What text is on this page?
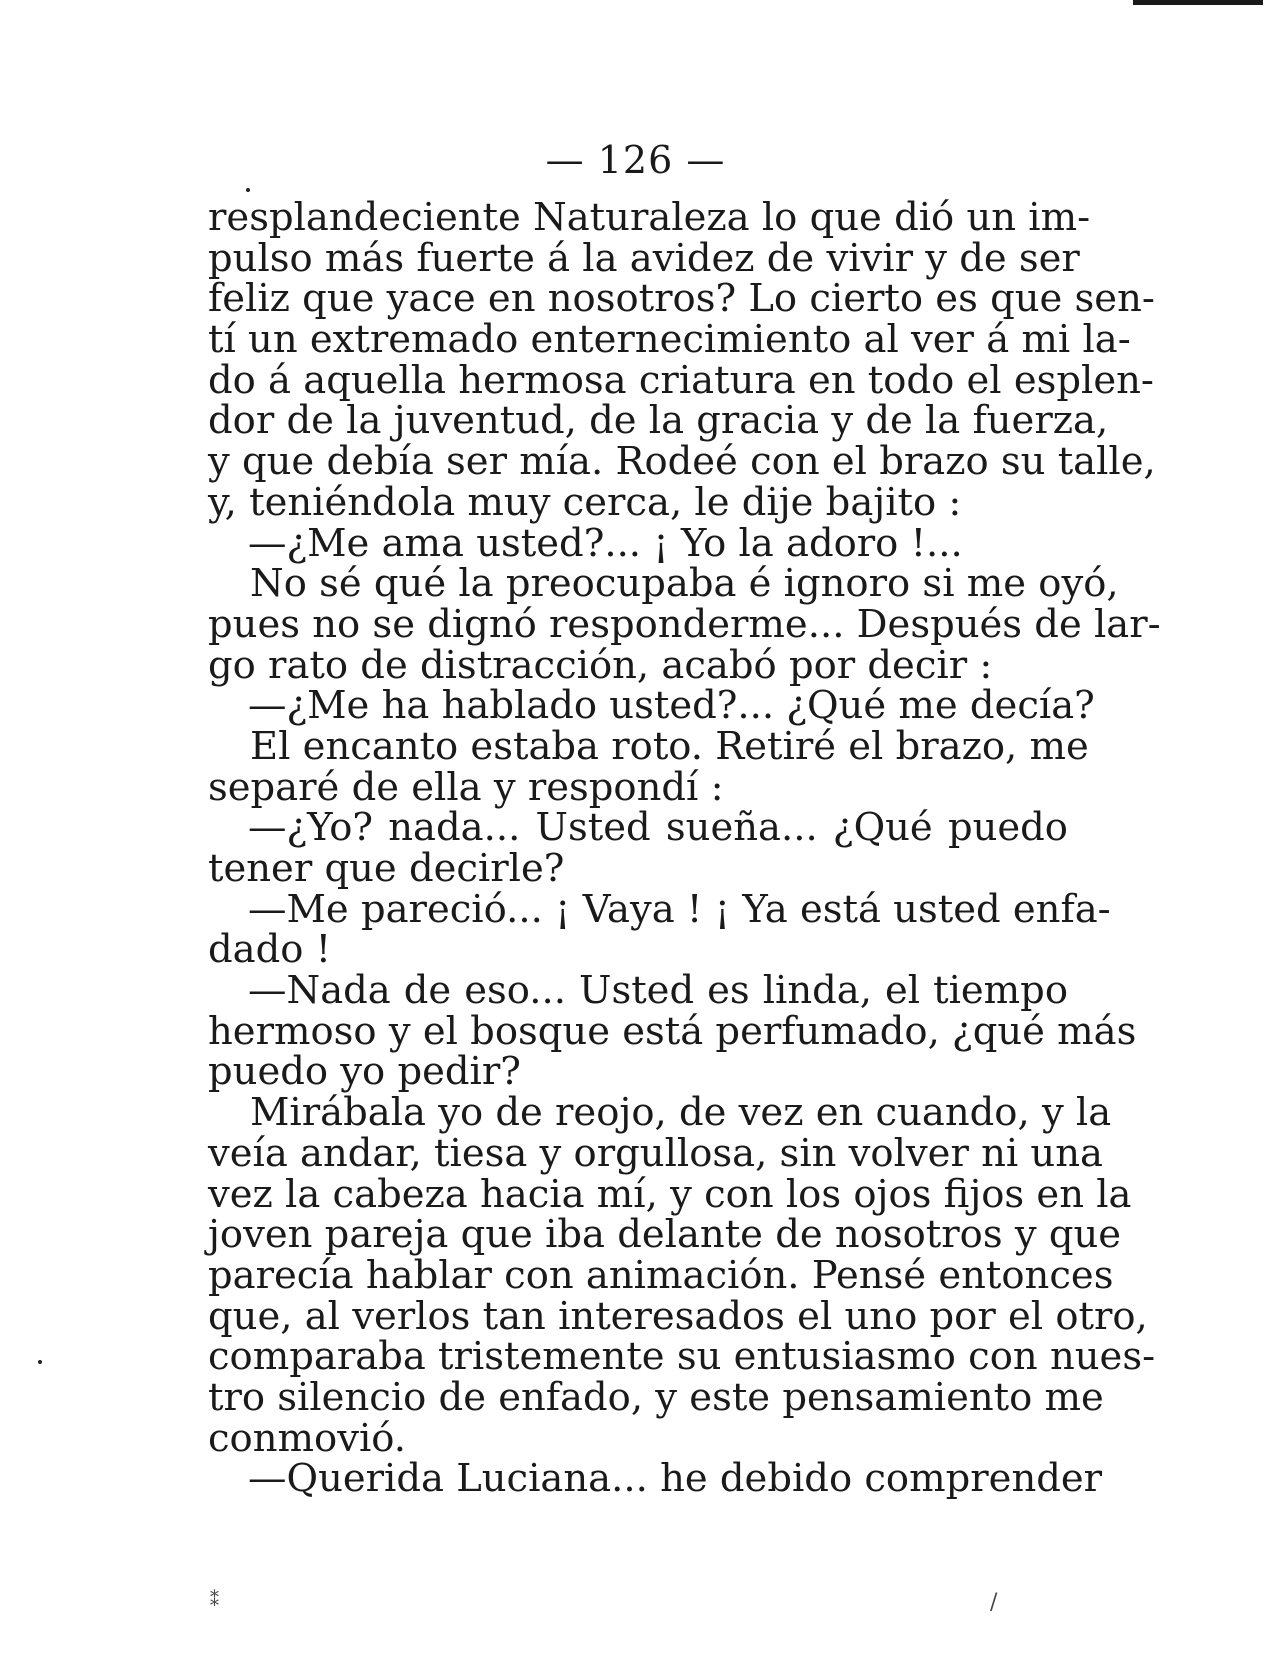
— 126 —
resplandeciente Naturaleza lo que dió un im-
pulso más fuerte á la avidez de vivir y de ser
feliz que yace en nosotros? Lo cierto es que sen-
tí un extremado enternecimiento al ver á mi la-
do á aquella hermosa criatura en todo el esplen-
dor de la juventud, de la gracia y de la fuerza,
y que debía ser mía. Rodeé con el brazo su talle,
y, teniéndola muy cerca, le dije bajito :
—¿Me ama usted?... ¡ Yo la adoro !...
No sé qué la preocupaba é ignoro si me oyó,
pues no se dignó responderme... Después de lar-
go rato de distracción, acabó por decir :
—¿Me ha hablado usted?... ¿Qué me decía?
El encanto estaba roto. Retiré el brazo, me
separé de ella y respondí :
—¿Yo? nada... Usted sueña... ¿Qué puedo
tener que decirle?
—Me pareció... ¡ Vaya ! ¡ Ya está usted enfa-
dado !
—Nada de eso... Usted es linda, el tiempo
hermoso y el bosque está perfumado, ¿qué más
puedo yo pedir?
Mirábala yo de reojo, de vez en cuando, y la
veía andar, tiesa y orgullosa, sin volver ni una
vez la cabeza hacia mí, y con los ojos fijos en la
joven pareja que iba delante de nosotros y que
parecía hablar con animación. Pensé entonces
que, al verlos tan interesados el uno por el otro,
comparaba tristemente su entusiasmo con nues-
tro silencio de enfado, y este pensamiento me
conmovió.
—Querida Luciana... he debido comprender
⁑	/
